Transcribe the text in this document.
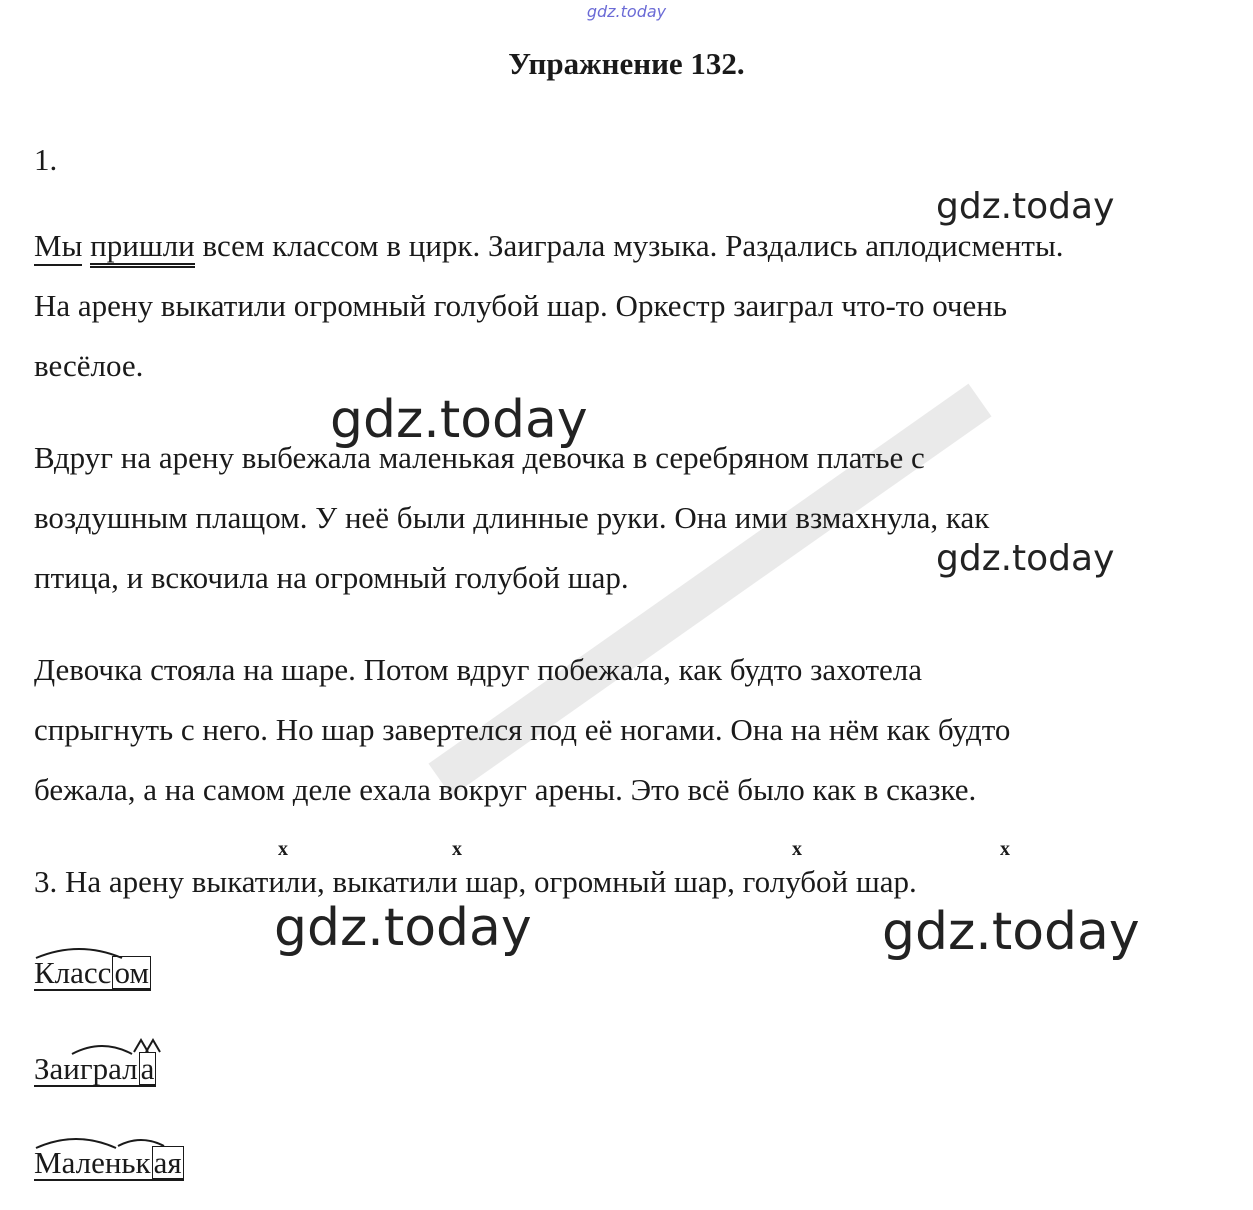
gdz.today
Упражнение 132.
1.
gdz.today
gdz.today
gdz.today
gdz.today	gdz.today
Мы пришли всем классом в цирк. Заиграла музыка. Раздались аплодисменты.
На арену выкатили огромный голубой шар. Оркестр заиграл что-то очень
весёлое.
Вдруг на арену выбежала маленькая девочка в серебряном платье с
воздушным плащом. У неё были длинные руки. Она ими взмахнула, как
птица, и вскочила на огромный голубой шар.
Девочка стояла на шаре. Потом вдруг побежала, как будто захотела
спрыгнуть с него. Но шар завертелся под её ногами. Она на нём как будто
бежала, а на самом деле ехала вокруг арены. Это всё было как в сказке.
х	х	х	х
3. На арену выкатили, выкатили шар, огромный шар, голубой шар.
Классом
Заиграла
Маленькая
